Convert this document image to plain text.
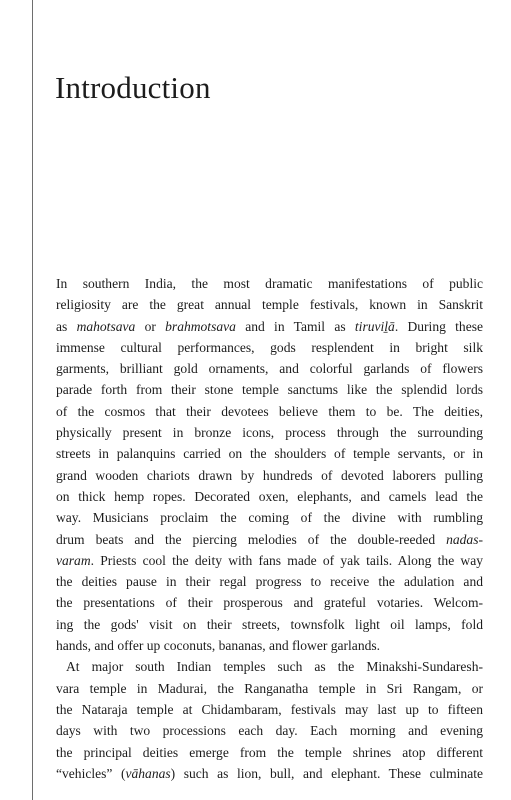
Introduction
In southern India, the most dramatic manifestations of public
religiosity are the great annual temple festivals, known in Sanskrit
as mahotsava or brahmotsava and in Tamil as tiruviḻā. During these
immense cultural performances, gods resplendent in bright silk
garments, brilliant gold ornaments, and colorful garlands of flowers
parade forth from their stone temple sanctums like the splendid lords
of the cosmos that their devotees believe them to be. The deities,
physically present in bronze icons, process through the surrounding
streets in palanquins carried on the shoulders of temple servants, or in
grand wooden chariots drawn by hundreds of devoted laborers pulling
on thick hemp ropes. Decorated oxen, elephants, and camels lead the
way. Musicians proclaim the coming of the divine with rumbling
drum beats and the piercing melodies of the double-reeded nadas-
varam. Priests cool the deity with fans made of yak tails. Along the way
the deities pause in their regal progress to receive the adulation and
the presentations of their prosperous and grateful votaries. Welcom-
ing the gods' visit on their streets, townsfolk light oil lamps, fold
hands, and offer up coconuts, bananas, and flower garlands.
At major south Indian temples such as the Minakshi-Sundaresh-
vara temple in Madurai, the Ranganatha temple in Sri Rangam, or
the Nataraja temple at Chidambaram, festivals may last up to fifteen
days with two processions each day. Each morning and evening
the principal deities emerge from the temple shrines atop different
“vehicles” (vāhanas) such as lion, bull, and elephant. These culminate
